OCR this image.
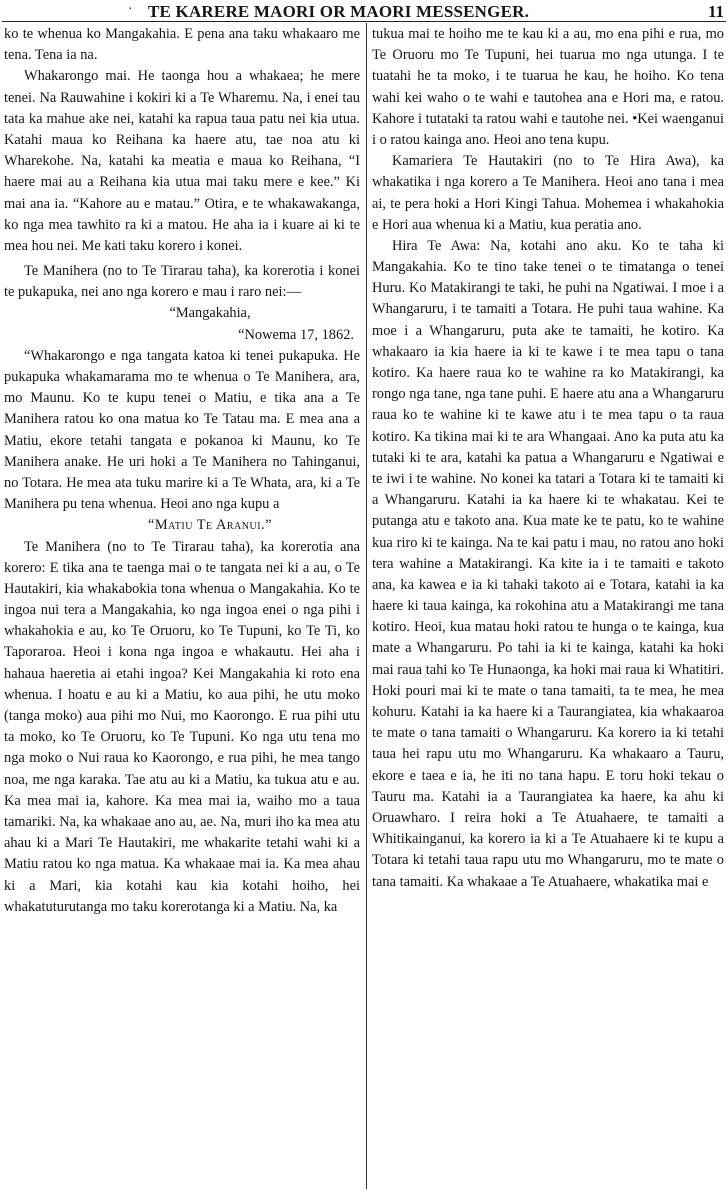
· TE KARERE MAORI OR MAORI MESSENGER.	11

ko te whenua ko Mangakahia. E pena ana taku whakaaro me tena. Tena ia na.

Whakarongo mai. He taonga hou a whakaea; he mere tenei. Na Rauwahine i kokiri ki a Te Wharemu. Na, i enei tau tata ka mahue ake nei, katahi ka rapua taua patu nei kia utua. Katahi maua ko Reihana ka haere atu, tae noa atu ki Wharekohe. Na, katahi ka meatia e maua ko Reihana, “I haere mai au a Reihana kia utua mai taku mere e kee.” Ki mai ana ia. “Kahore au e matau.” Otira, e te whakawakanga, ko nga mea tawhito ra ki a matou. He aha ia i kuare ai ki te mea hou nei. Me kati taku korero i konei.

Te Manihera (no to Te Tirarau taha), ka korerotia i konei te pukapuka, nei ano nga korero e mau i raro nei:—

“Mangakahia,

“Nowema 17, 1862.

“Whakarongo e nga tangata katoa ki tenei pukapuka. He pukapuka whakamarama mo te whenua o Te Manihera, ara, mo Maunu. Ko te kupu tenei o Matiu, e tika ana a Te Manihera ratou ko ona matua ko Te Tatau ma. E mea ana a Matiu, ekore tetahi tangata e pokanoa ki Maunu, ko Te Manihera anake. He uri hoki a Te Manihera no Tahinganui, no Totara. He mea ata tuku marire ki a Te Whata, ara, ki a Te Manihera pu tena whenua. Heoi ano nga kupu a

“Matiu Te Aranui.”

Te Manihera (no to Te Tirarau taha), ka korerotia ana korero: E tika ana te taenga mai o te tangata nei ki a au, o Te Hautakiri, kia whakabokia tona whenua o Mangakahia. Ko te ingoa nui tera a Mangakahia, ko nga ingoa enei o nga pihi i whakahokia e au, ko Te Oruoru, ko Te Tupuni, ko Te Ti, ko Taporaroa. Heoi i kona nga ingoa e whakautu. Hei aha i hahaua haeretia ai etahi ingoa? Kei Mangakahia ki roto ena whenua. I hoatu e au ki a Matiu, ko aua pihi, he utu moko (tanga moko) aua pihi mo Nui, mo Kaorongo. E rua pihi utu ta moko, ko Te Oruoru, ko Te Tupuni. Ko nga utu tena mo nga moko o Nui raua ko Kaorongo, e rua pihi, he mea tango noa, me nga karaka. Tae atu au ki a Matiu, ka tukua atu e au. Ka mea mai ia, kahore. Ka mea mai ia, waiho mo a taua tamariki. Na, ka whakaae ano au, ae. Na, muri iho ka mea atu ahau ki a Mari Te Hautakiri, me whakarite tetahi wahi ki a Matiu ratou ko nga matua. Ka whakaae mai ia. Ka mea ahau ki a Mari, kia kotahi kau kia kotahi hoiho, hei whakatuturutanga mo taku korerotanga ki a Matiu. Na, ka

tukua mai te hoiho me te kau ki a au, mo ena pihi e rua, mo Te Oruoru mo Te Tupuni, hei tuarua mo nga utunga. I te tuatahi he ta moko, i te tuarua he kau, he hoiho. Ko tena wahi kei waho o te wahi e tautohea ana e Hori ma, e ratou. Kahore i tutataki ta ratou wahi e tautohe nei. •Kei waenganui i o ratou kainga ano. Heoi ano tena kupu.

Kamariera Te Hautakiri (no to Te Hira Awa), ka whakatika i nga korero a Te Manihera. Heoi ano tana i mea ai, te pera hoki a Hori Kingi Tahua. Mohemea i whakahokia e Hori aua whenua ki a Matiu, kua peratia ano.

Hira Te Awa: Na, kotahi ano aku. Ko te taha ki Mangakahia. Ko te tino take tenei o te timatanga o tenei Huru. Ko Matakirangi te taki, he puhi na Ngatiwai. I moe i a Whangaruru, i te tamaiti a Totara. He puhi taua wahine. Ka moe i a Whangaruru, puta ake te tamaiti, he kotiro. Ka whakaaro ia kia haere ia ki te kawe i te mea tapu o tana kotiro. Ka haere raua ko te wahine ra ko Matakirangi, ka rongo nga tane, nga tane puhi. E haere atu ana a Whangaruru raua ko te wahine ki te kawe atu i te mea tapu o ta raua kotiro. Ka tikina mai ki te ara Whangaai. Ano ka puta atu ka tutaki ki te ara, katahi ka patua a Whangaruru e Ngatiwai e te iwi i te wahine. No konei ka tatari a Totara ki te tamaiti ki a Whangaruru. Katahi ia ka haere ki te whakatau. Kei te putanga atu e takoto ana. Kua mate ke te patu, ko te wahine kua riro ki te kainga. Na te kai patu i mau, no ratou ano hoki tera wahine a Matakirangi. Ka kite ia i te tamaiti e takoto ana, ka kawea e ia ki tahaki takoto ai e Totara, katahi ia ka haere ki taua kainga, ka rokohina atu a Matakirangi me tana kotiro. Heoi, kua matau hoki ratou te hunga o te kainga, kua mate a Whangaruru. Po tahi ia ki te kainga, katahi ka hoki mai raua tahi ko Te Hunaonga, ka hoki mai raua ki Whatitiri. Hoki pouri mai ki te mate o tana tamaiti, ta te mea, he mea kohuru. Katahi ia ka haere ki a Taurangiatea, kia whakaaroa te mate o tana tamaiti o Whangaruru. Ka korero ia ki tetahi taua hei rapu utu mo Whangaruru. Ka whakaaro a Tauru, ekore e taea e ia, he iti no tana hapu. E toru hoki tekau o Tauru ma. Katahi ia a Taurangiatea ka haere, ka ahu ki Oruawharo. I reira hoki a Te Atuahaere, te tamaiti a Whitikainganui, ka korero ia ki a Te Atuahaere ki te kupu a Totara ki tetahi taua rapu utu mo Whangaruru, mo te mate o tana tamaiti. Ka whakaae a Te Atuahaere, whakatika mai e
